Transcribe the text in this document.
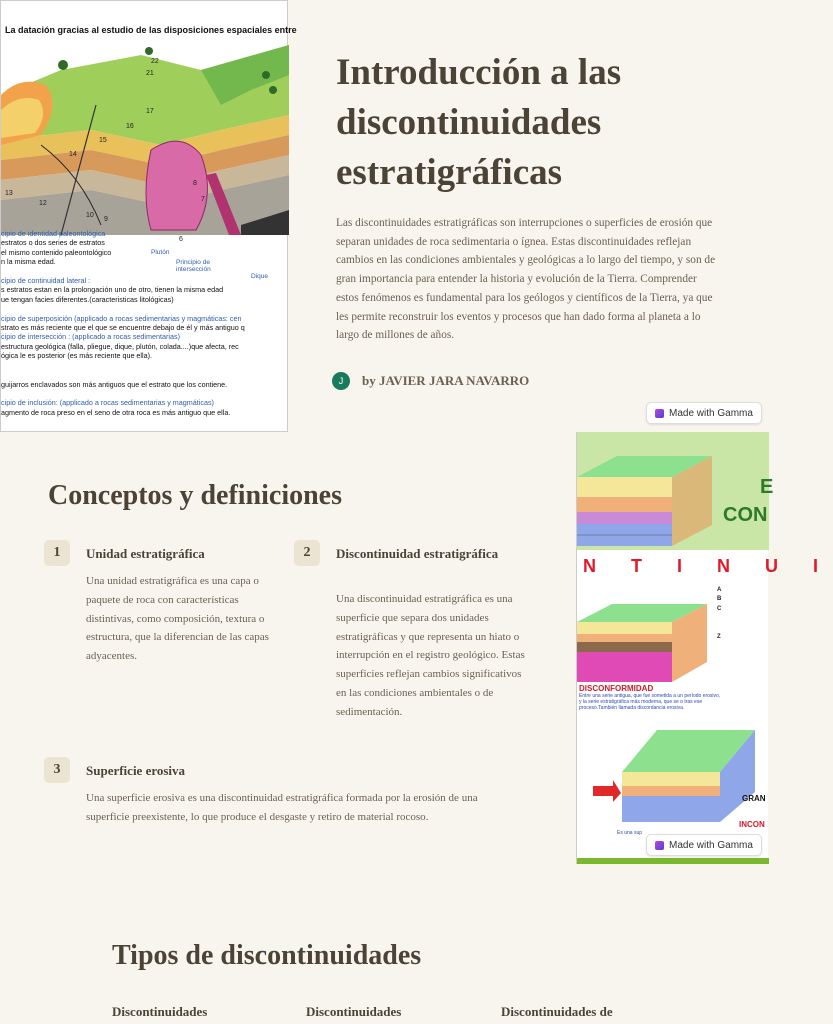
La datación gracias al estudio de las disposiciones espaciales entre
22
21
17
16
15
14
13
12
10
9
8
7
6
cipio de identidad paleontológica
estratos o dos series de estratos
el mismo contenido paleontológico
n la misma edad.

cipio de continuidad lateral :
s estratos estan en la prolongación uno de otro, tienen la misma edad
ue tengan facies diferentes.(caracteristicas litológicas)

cipio de superposición (applicado a rocas sedimentarias y magmáticas: cen
strato es más reciente que el que se encuentre debajo de él y más antiguo q
cipio de intersección : (applicado a rocas sedimentarias)
estructura geológica (falla, pliegue, dique, plutón, colada....)que afecta, rec
ógica le es posterior (es más reciente que ella).

guijarros enclavados son más antiguos que el estrato que los contiene.

cipio de inclusión: (applicado a rocas sedimentarias y magmáticas)
agmento de roca preso en el seno de otra roca es más antiguo que ella.
Plutón
Principio de intersección
Dique
Introducción a las discontinuidades estratigráficas

Las discontinuidades estratigráficas son interrupciones o superficies de erosión que separan unidades de roca sedimentaria o ígnea. Estas discontinuidades reflejan cambios en las condiciones ambientales y geológicas a lo largo del tiempo, y son de gran importancia para entender la historia y evolución de la Tierra. Comprender estos fenómenos es fundamental para los geólogos y científicos de la Tierra, ya que les permite reconstruir los eventos y procesos que han dado forma al planeta a lo largo de millones de años.

J	by JAVIER JARA NAVARRO
Made with Gamma
Conceptos y definiciones
1	Unidad estratigráfica

Una unidad estratigráfica es una capa o paquete de roca con características distintivas, como composición, textura o estructura, que la diferencian de las capas adyacentes.

2	Discontinuidad estratigráfica

Una discontinuidad estratigráfica es una superficie que separa dos unidades estratigráficas y que representa un hiato o interrupción en el registro geológico. Estas superficies reflejan cambios significativos en las condiciones ambientales o de sedimentación.

3	Superficie erosiva

Una superficie erosiva es una discontinuidad estratigráfica formada por la erosión de una superficie preexistente, lo que produce el desgaste y retiro de material rocoso.

E
CON
N T I N U I
DISCONFORMIDAD
Entre una serie antigua, que fue sometida a un período erosivo, y la serie estratigráfica más moderna, que se o tras ese proceso.También llamada discordancia erosiva.
GRAN
INCON
Es una sup
A
B
C
Z
Made with Gamma
Tipos de discontinuidades
Discontinuidades	Discontinuidades	Discontinuidades de
